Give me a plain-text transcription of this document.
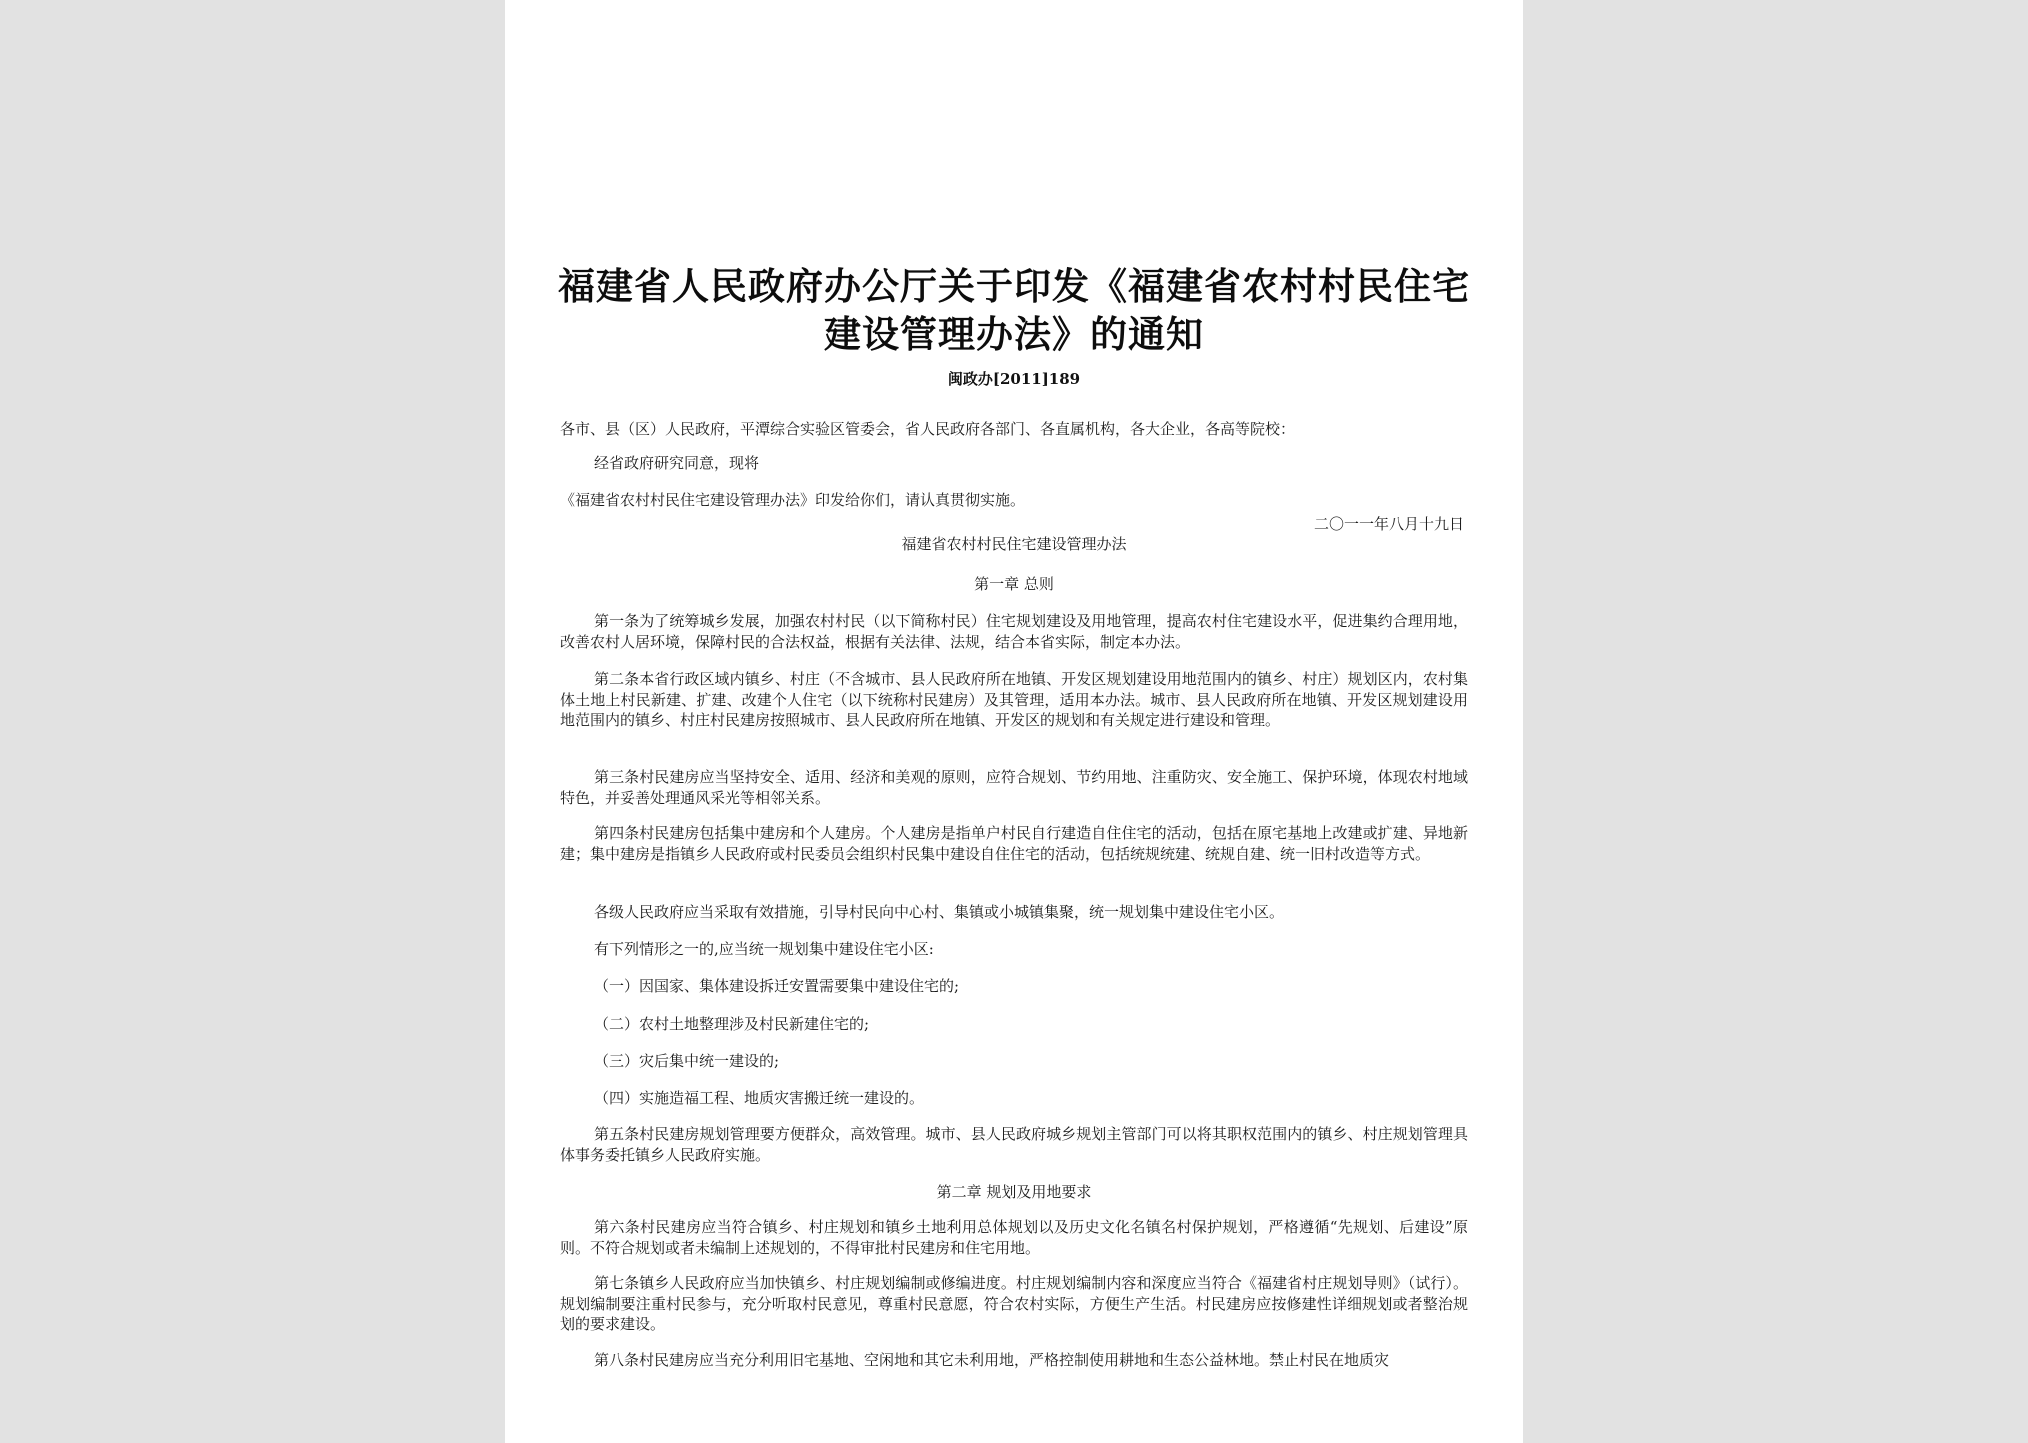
福建省人民政府办公厅关于印发《福建省农村村民住宅
建设管理办法》的通知

闽政办[2011]189

各市、县（区）人民政府，平潭综合实验区管委会，省人民政府各部门、各直属机构，各大企业，各高等院校：

经省政府研究同意，现将

《福建省农村村民住宅建设管理办法》印发给你们，请认真贯彻实施。

二〇一一年八月十九日

福建省农村村民住宅建设管理办法

第一章 总则

第一条为了统筹城乡发展，加强农村村民（以下简称村民）住宅规划建设及用地管理，提高农村住宅建设水平，促进集约合理用地，改善农村人居环境，保障村民的合法权益，根据有关法律、法规，结合本省实际，制定本办法。

第二条本省行政区域内镇乡、村庄（不含城市、县人民政府所在地镇、开发区规划建设用地范围内的镇乡、村庄）规划区内，农村集体土地上村民新建、扩建、改建个人住宅（以下统称村民建房）及其管理，适用本办法。城市、县人民政府所在地镇、开发区规划建设用地范围内的镇乡、村庄村民建房按照城市、县人民政府所在地镇、开发区的规划和有关规定进行建设和管理。

第三条村民建房应当坚持安全、适用、经济和美观的原则，应符合规划、节约用地、注重防灾、安全施工、保护环境，体现农村地域特色，并妥善处理通风采光等相邻关系。

第四条村民建房包括集中建房和个人建房。个人建房是指单户村民自行建造自住住宅的活动，包括在原宅基地上改建或扩建、异地新建；集中建房是指镇乡人民政府或村民委员会组织村民集中建设自住住宅的活动，包括统规统建、统规自建、统一旧村改造等方式。

各级人民政府应当采取有效措施，引导村民向中心村、集镇或小城镇集聚，统一规划集中建设住宅小区。

有下列情形之一的,应当统一规划集中建设住宅小区:

（一）因国家、集体建设拆迁安置需要集中建设住宅的;

（二）农村土地整理涉及村民新建住宅的;

（三）灾后集中统一建设的;

（四）实施造福工程、地质灾害搬迁统一建设的。

第五条村民建房规划管理要方便群众，高效管理。城市、县人民政府城乡规划主管部门可以将其职权范围内的镇乡、村庄规划管理具体事务委托镇乡人民政府实施。

第二章 规划及用地要求

第六条村民建房应当符合镇乡、村庄规划和镇乡土地利用总体规划以及历史文化名镇名村保护规划，严格遵循“先规划、后建设”原则。不符合规划或者未编制上述规划的，不得审批村民建房和住宅用地。

第七条镇乡人民政府应当加快镇乡、村庄规划编制或修编进度。村庄规划编制内容和深度应当符合《福建省村庄规划导则》（试行）。规划编制要注重村民参与，充分听取村民意见，尊重村民意愿，符合农村实际，方便生产生活。村民建房应按修建性详细规划或者整治规划的要求建设。

第八条村民建房应当充分利用旧宅基地、空闲地和其它未利用地，严格控制使用耕地和生态公益林地。禁止村民在地质灾
